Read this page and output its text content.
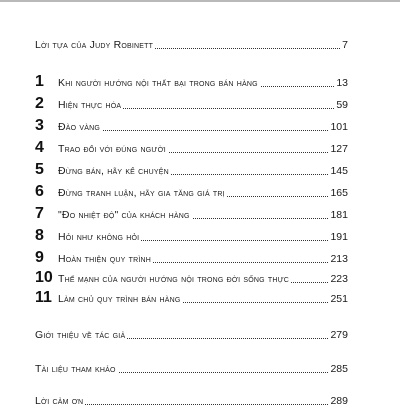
Lời tựa của Judy Robinett	7
1	Khi người hướng nội thất bại trong bán hàng	13
2	Hiện thực hóa	59
3	Đào vàng	101
4	Trao đổi với đúng người	127
5	Đừng bán, hãy kể chuyện	145
6	Đừng tranh luận, hãy gia tăng giá trị	165
7	"Đo nhiệt độ" của khách hàng	181
8	Hỏi như không hỏi	191
9	Hoàn thiện quy trình	213
10 Thế mạnh của người hướng nội trong đời sống thực	223
11 Làm chủ quy trình bán hàng	251
Giới thiệu về tác giả	279
Tài liệu tham khảo	285
Lời cảm ơn	289
